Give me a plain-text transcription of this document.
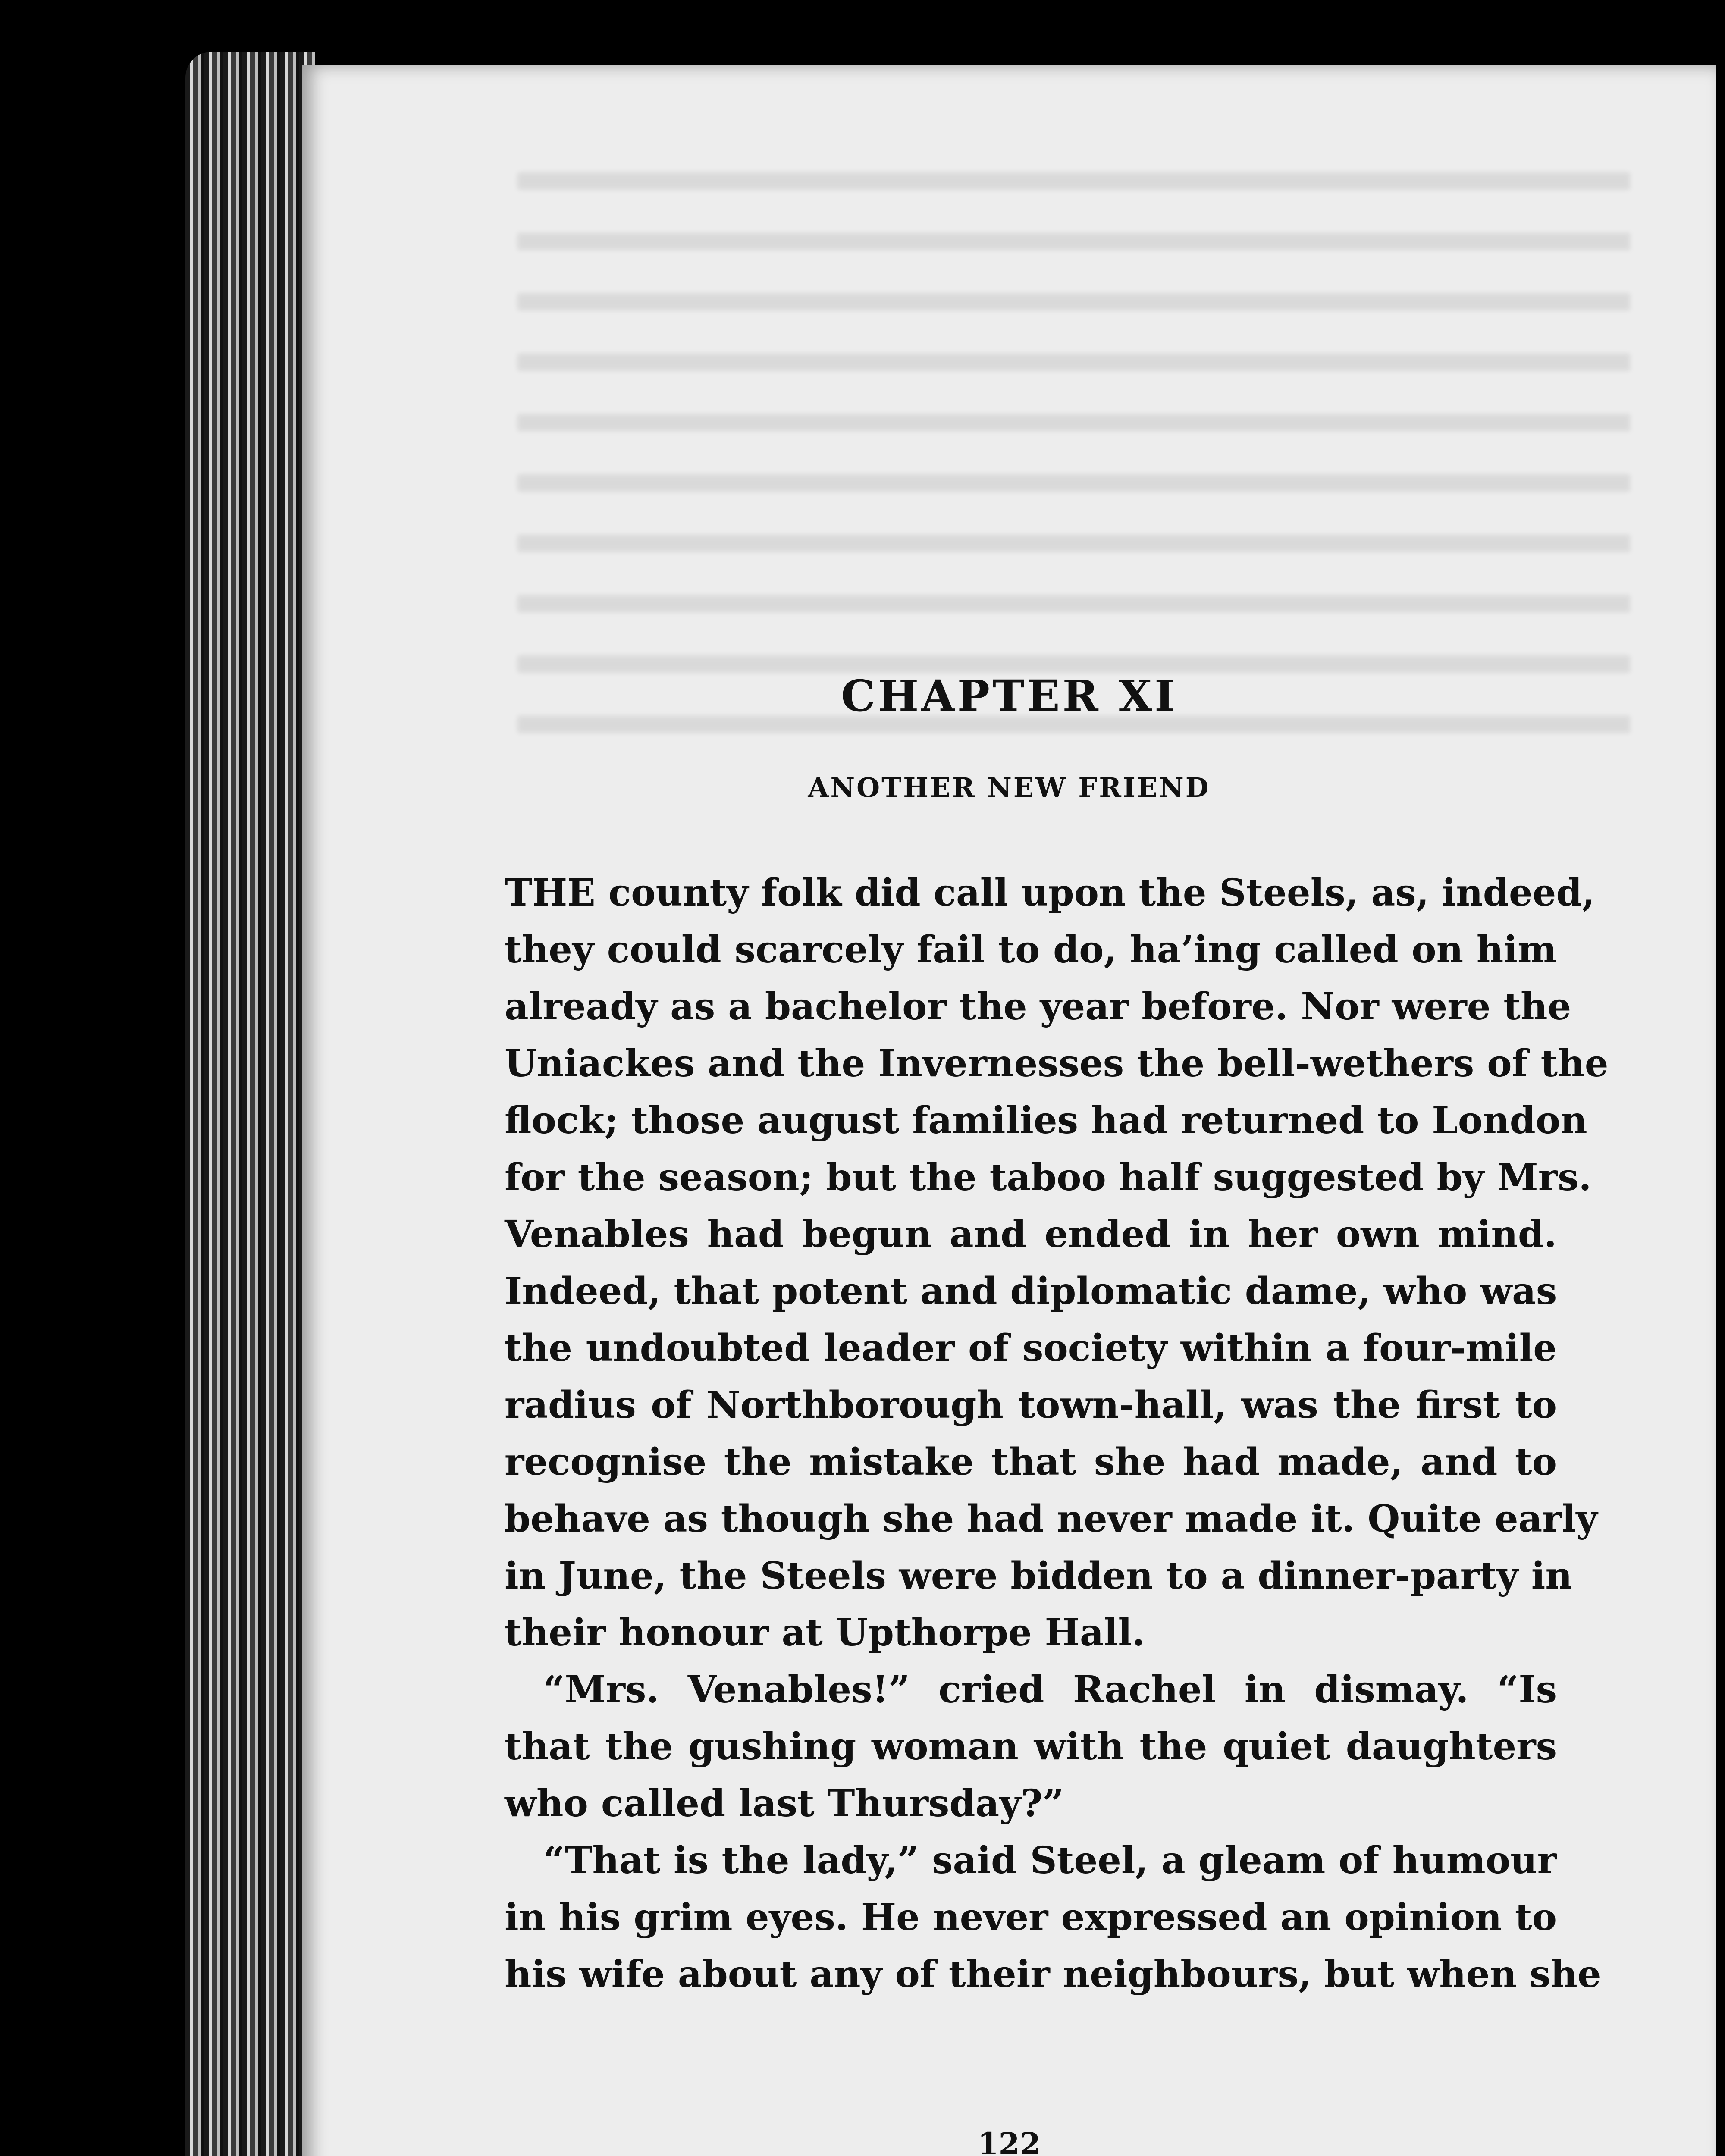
CHAPTER XI
ANOTHER NEW FRIEND
THE county folk did call upon the Steels, as, indeed,
they could scarcely fail to do, ha’ing called on him
already as a bachelor the year before. Nor were the
Uniackes and the Invernesses the bell-wethers of the
flock; those august families had returned to London
for the season; but the taboo half suggested by Mrs.
Venables had begun and ended in her own mind.
Indeed, that potent and diplomatic dame, who was
the undoubted leader of society within a four-mile
radius of Northborough town-hall, was the first to
recognise the mistake that she had made, and to
behave as though she had never made it. Quite early
in June, the Steels were bidden to a dinner-party in
their honour at Upthorpe Hall.
“Mrs. Venables!” cried Rachel in dismay. “Is
that the gushing woman with the quiet daughters
who called last Thursday?”
“That is the lady,” said Steel, a gleam of humour
in his grim eyes. He never expressed an opinion to
his wife about any of their neighbours, but when she

122
